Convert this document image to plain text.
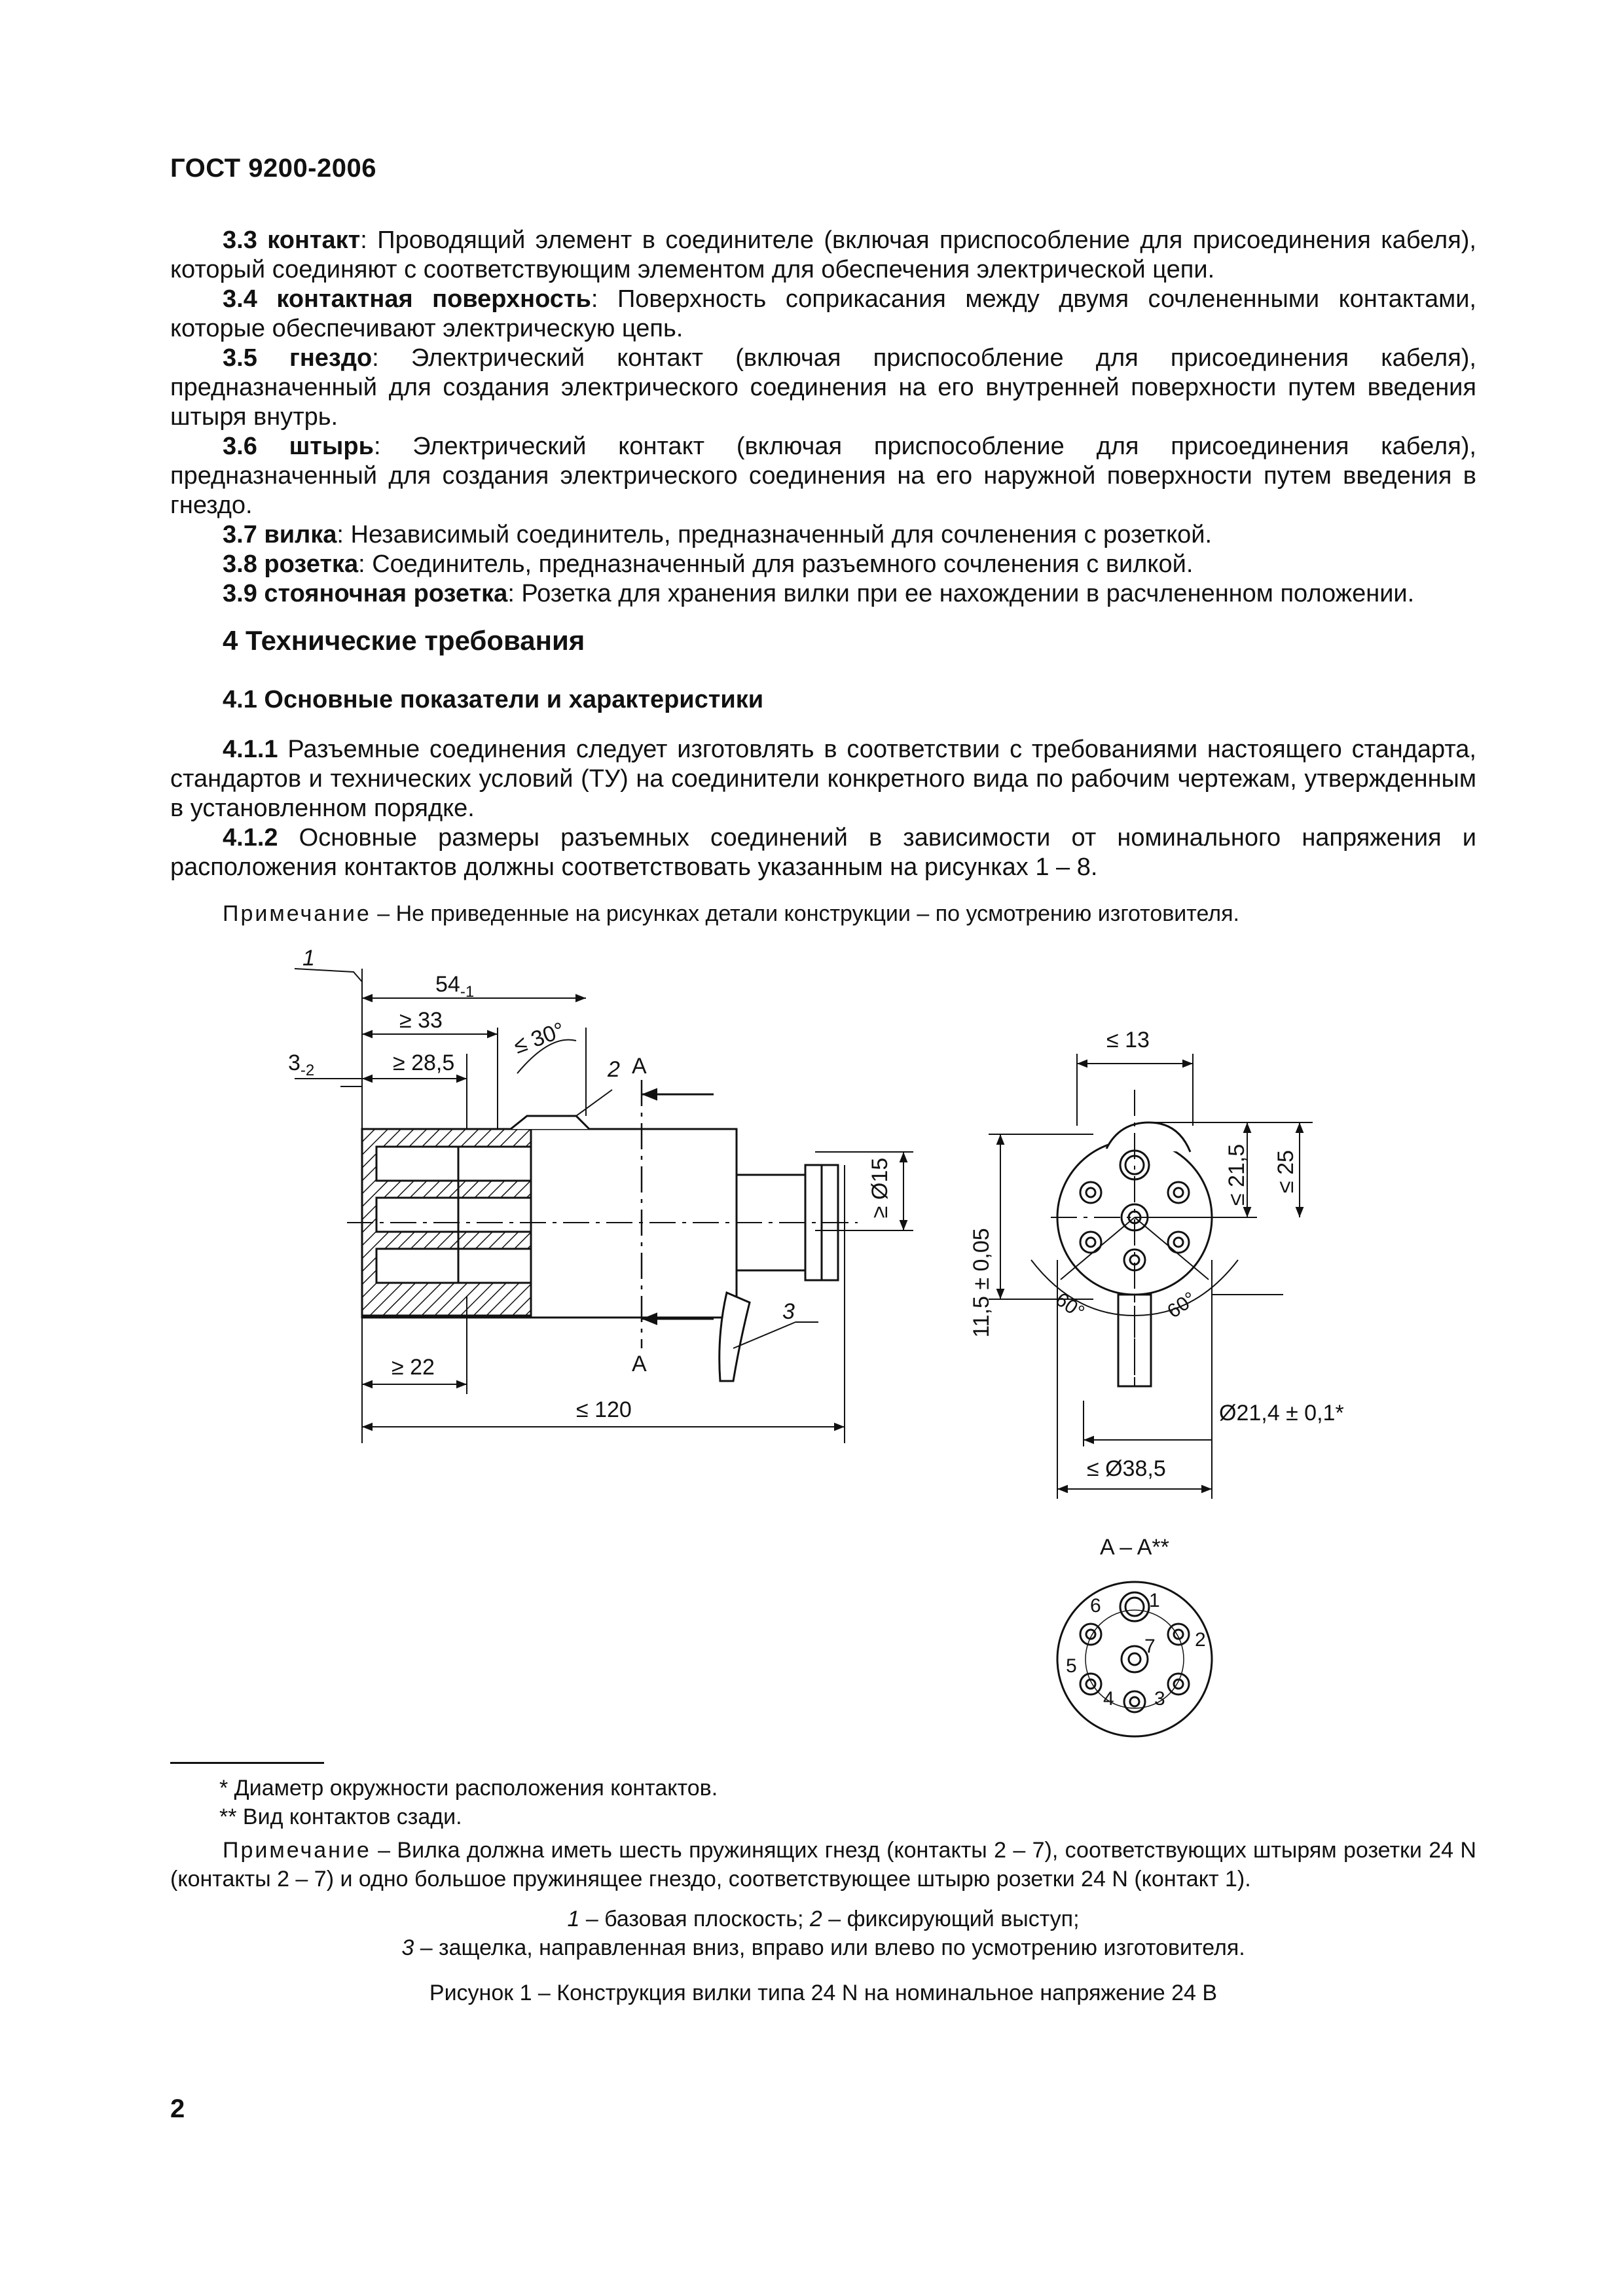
ГОСТ 9200-2006

3.3 контакт: Проводящий элемент в соединителе (включая приспособление для присоединения кабеля), который соединяют с соответствующим элементом для обеспечения электрической цепи.

3.4 контактная поверхность: Поверхность соприкасания между двумя сочлененными контактами, которые обеспечивают электрическую цепь.

3.5 гнездо: Электрический контакт (включая приспособление для присоединения кабеля), предназначенный для создания электрического соединения на его внутренней поверхности путем введения штыря внутрь.

3.6 штырь: Электрический контакт (включая приспособление для присоединения кабеля), предназначенный для создания электрического соединения на его наружной поверхности путем введения в гнездо.

3.7 вилка: Независимый соединитель, предназначенный для сочленения с розеткой.

3.8 розетка: Соединитель, предназначенный для разъемного сочленения с вилкой.

3.9 стояночная розетка: Розетка для хранения вилки при ее нахождении в расчлененном положении.

4 Технические требования
4.1 Основные показатели и характеристики

4.1.1 Разъемные соединения следует изготовлять в соответствии с требованиями настоящего стандарта, стандартов и технических условий (ТУ) на соединители конкретного вида по рабочим чертежам, утвержденным в установленном порядке.

4.1.2 Основные размеры разъемных соединений в зависимости от номинального напряжения и расположения контактов должны соответствовать указанным на рисунках 1 – 8.

Примечание – Не приведенные на рисунках детали конструкции – по усмотрению изготовителя.
1
$54_{-1}$
≥ 33
$3_{-2}$	≥ 28,5
≤ 30°
2 A
A
≥ Ø15
≥ 22
≤ 120
3
≤ 13
≤ 21,5 ≤ 25
11,5 ± 0,05	60°	60°
Ø21,4 ± 0,1*
≤ Ø38,5
A – A**
1
2
3
4
5
6
7
* Диаметр окружности расположения контактов.
** Вид контактов сзади.

Примечание – Вилка должна иметь шесть пружинящих гнезд (контакты 2 – 7), соответствующих штырям розетки 24 N (контакты 2 – 7) и одно большое пружинящее гнездо, соответствующее штырю розетки 24 N (контакт 1).

1 – базовая плоскость; 2 – фиксирующий выступ;
3 – защелка, направленная вниз, вправо или влево по усмотрению изготовителя.
Рисунок 1 – Конструкция вилки типа 24 N на номинальное напряжение 24 В
2
